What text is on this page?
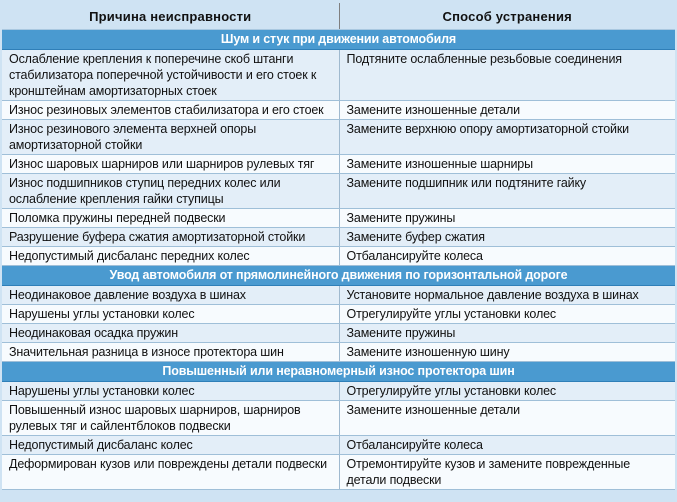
Причина неисправности	Способ устранения
Шум и стук при движении автомобиля	
Ослабление крепления к поперечине скоб штанги стабилизатора поперечной устойчивости и его стоек к кронштейнам амортизаторных стоек	Подтяните ослабленные резьбовые соединения
Износ резиновых элементов стабилизатора и его стоек	Замените изношенные детали
Износ резинового элемента верхней опоры амортизаторной стойки	Замените верхнюю опору амортизаторной стойки
Износ шаровых шарниров или шарниров рулевых тяг	Замените изношенные шарниры
Износ подшипников ступиц передних колес или ослабление крепления гайки ступицы	Замените подшипник или подтяните гайку
Поломка пружины передней подвески	Замените пружины
Разрушение буфера сжатия амортизаторной стойки	Замените буфер сжатия
Недопустимый дисбаланс передних колес	Отбалансируйте колеса
Увод автомобиля от прямолинейного движения по горизонтальной дороге	
Неодинаковое давление воздуха в шинах	Установите нормальное давление воздуха в шинах
Нарушены углы установки колес	Отрегулируйте углы установки колес
Неодинаковая осадка пружин	Замените пружины
Значительная разница в износе протектора шин	Замените изношенную шину
Повышенный или неравномерный износ протектора шин	
Нарушены углы установки колес	Отрегулируйте углы установки колес
Повышенный износ шаровых шарниров, шарниров рулевых тяг и сайлентблоков подвески	Замените изношенные детали
Недопустимый дисбаланс колес	Отбалансируйте колеса
Деформирован кузов или повреждены детали подвески	Отремонтируйте кузов и замените поврежденные детали подвески
